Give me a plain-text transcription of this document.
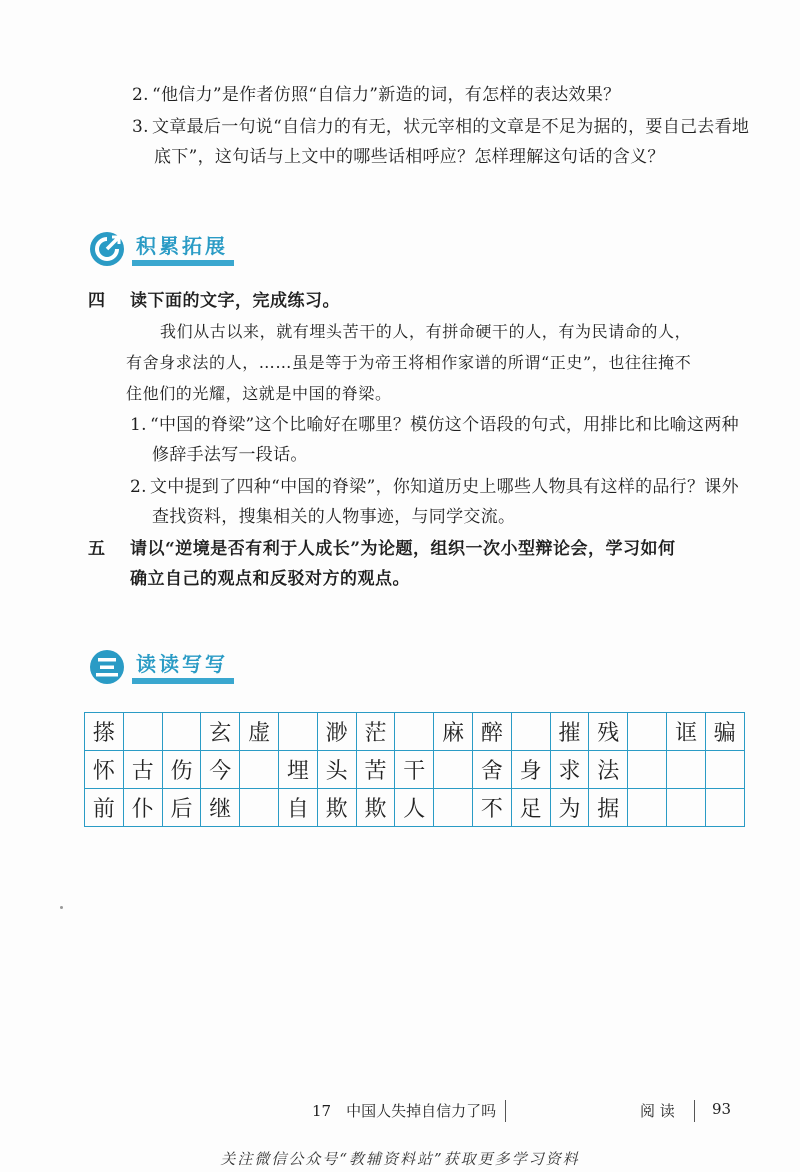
2. “他信力”是作者仿照“自信力”新造的词，有怎样的表达效果？
3. 文章最后一句说“自信力的有无，状元宰相的文章是不足为据的，要自己去看地
底下”，这句话与上文中的哪些话相呼应？怎样理解这句话的含义？
积累拓展
四 读下面的文字，完成练习。
我们从古以来，就有埋头苦干的人，有拼命硬干的人，有为民请命的人，
有舍身求法的人，……虽是等于为帝王将相作家谱的所谓“正史”，也往往掩不
住他们的光耀，这就是中国的脊梁。
1. “中国的脊梁”这个比喻好在哪里？模仿这个语段的句式，用排比和比喻这两种
修辞手法写一段话。
2. 文中提到了四种“中国的脊梁”，你知道历史上哪些人物具有这样的品行？课外
查找资料，搜集相关的人物事迹，与同学交流。
五 请以“逆境是否有利于人成长”为论题，组织一次小型辩论会，学习如何
确立自己的观点和反驳对方的观点。
读读写写
搽			玄	虚		渺	茫		麻	醉		摧	残		诓	骗
怀	古	伤	今		埋	头	苦	干		舍	身	求	法			
前	仆	后	继		自	欺	欺	人		不	足	为	据			
17　中国人失掉自信力了吗	阅 读 93
关注微信公众号“教辅资料站”获取更多学习资料
